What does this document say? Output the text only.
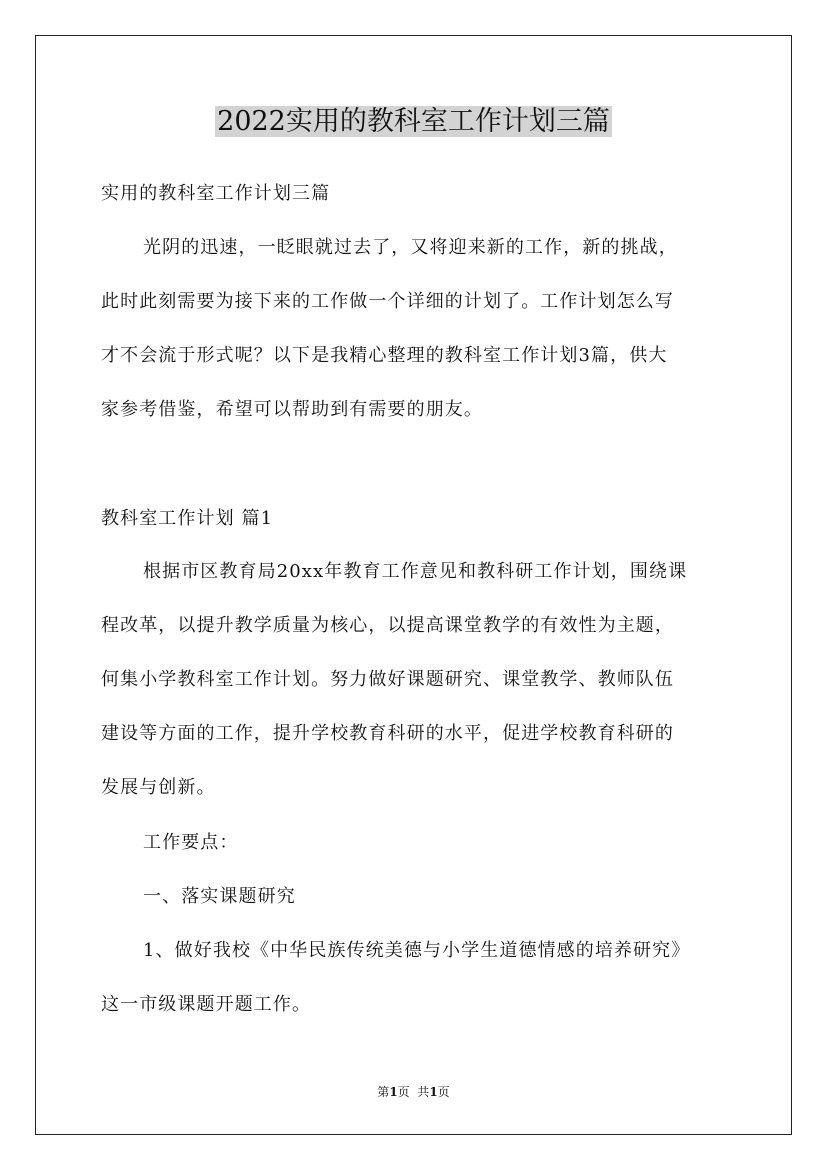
2022实用的教科室工作计划三篇
实用的教科室工作计划三篇
光阴的迅速，一眨眼就过去了，又将迎来新的工作，新的挑战，
此时此刻需要为接下来的工作做一个详细的计划了。工作计划怎么写
才不会流于形式呢？以下是我精心整理的教科室工作计划3篇，供大
家参考借鉴，希望可以帮助到有需要的朋友。
教科室工作计划 篇1
根据市区教育局20xx年教育工作意见和教科研工作计划，围绕课
程改革，以提升教学质量为核心，以提高课堂教学的有效性为主题，
何集小学教科室工作计划。努力做好课题研究、课堂教学、教师队伍
建设等方面的工作，提升学校教育科研的水平，促进学校教育科研的
发展与创新。
工作要点：
一、落实课题研究
1、做好我校《中华民族传统美德与小学生道德情感的培养研究》
这一市级课题开题工作。
第1页  共1页
